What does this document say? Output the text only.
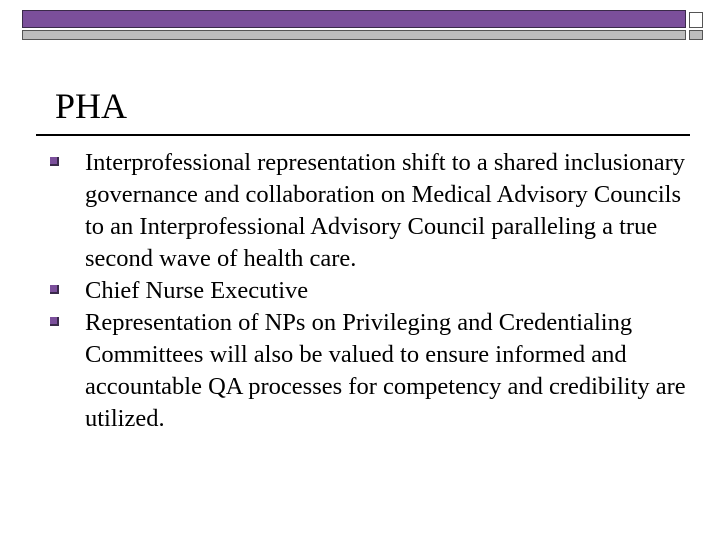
PHA
Interprofessional representation shift to a shared inclusionary governance and collaboration on Medical Advisory Councils to an Interprofessional Advisory Council paralleling a true second wave of health care.
Chief Nurse Executive
Representation of NPs on Privileging and Credentialing Committees will also be valued to ensure informed and accountable QA processes for competency and credibility are utilized.
